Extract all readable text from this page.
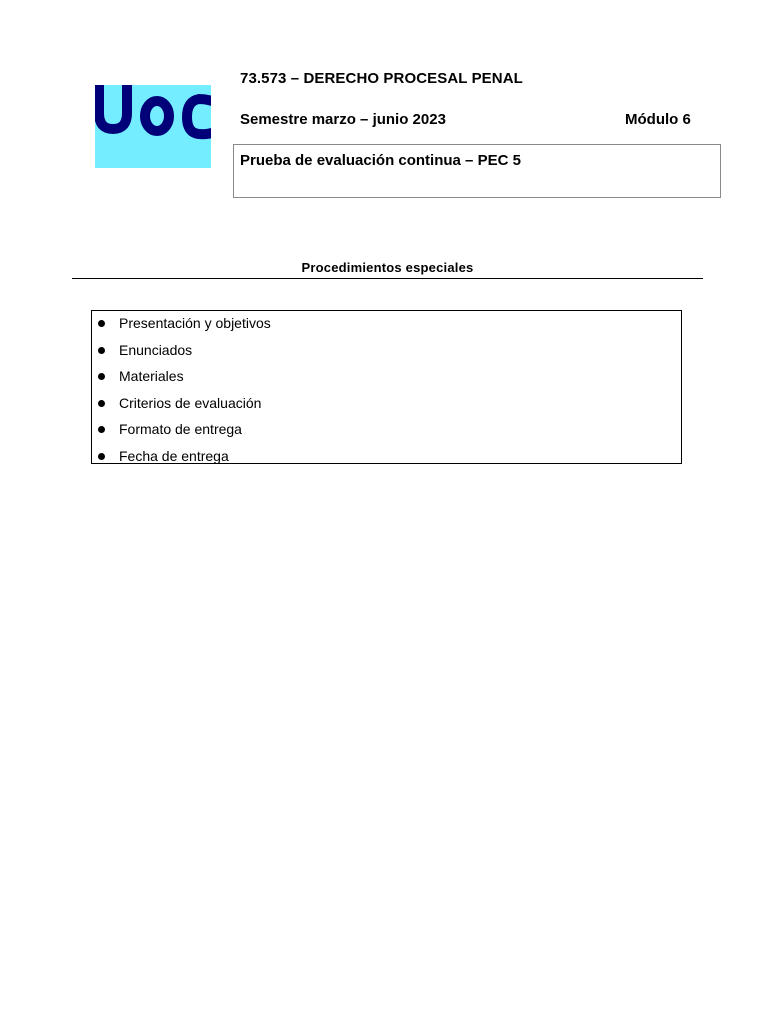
73.573 – DERECHO PROCESAL PENAL
Semestre marzo – junio 2023	Módulo 6
Prueba de evaluación continua – PEC 5
Procedimientos especiales
Presentación y objetivos
Enunciados
Materiales
Criterios de evaluación
Formato de entrega
Fecha de entrega
